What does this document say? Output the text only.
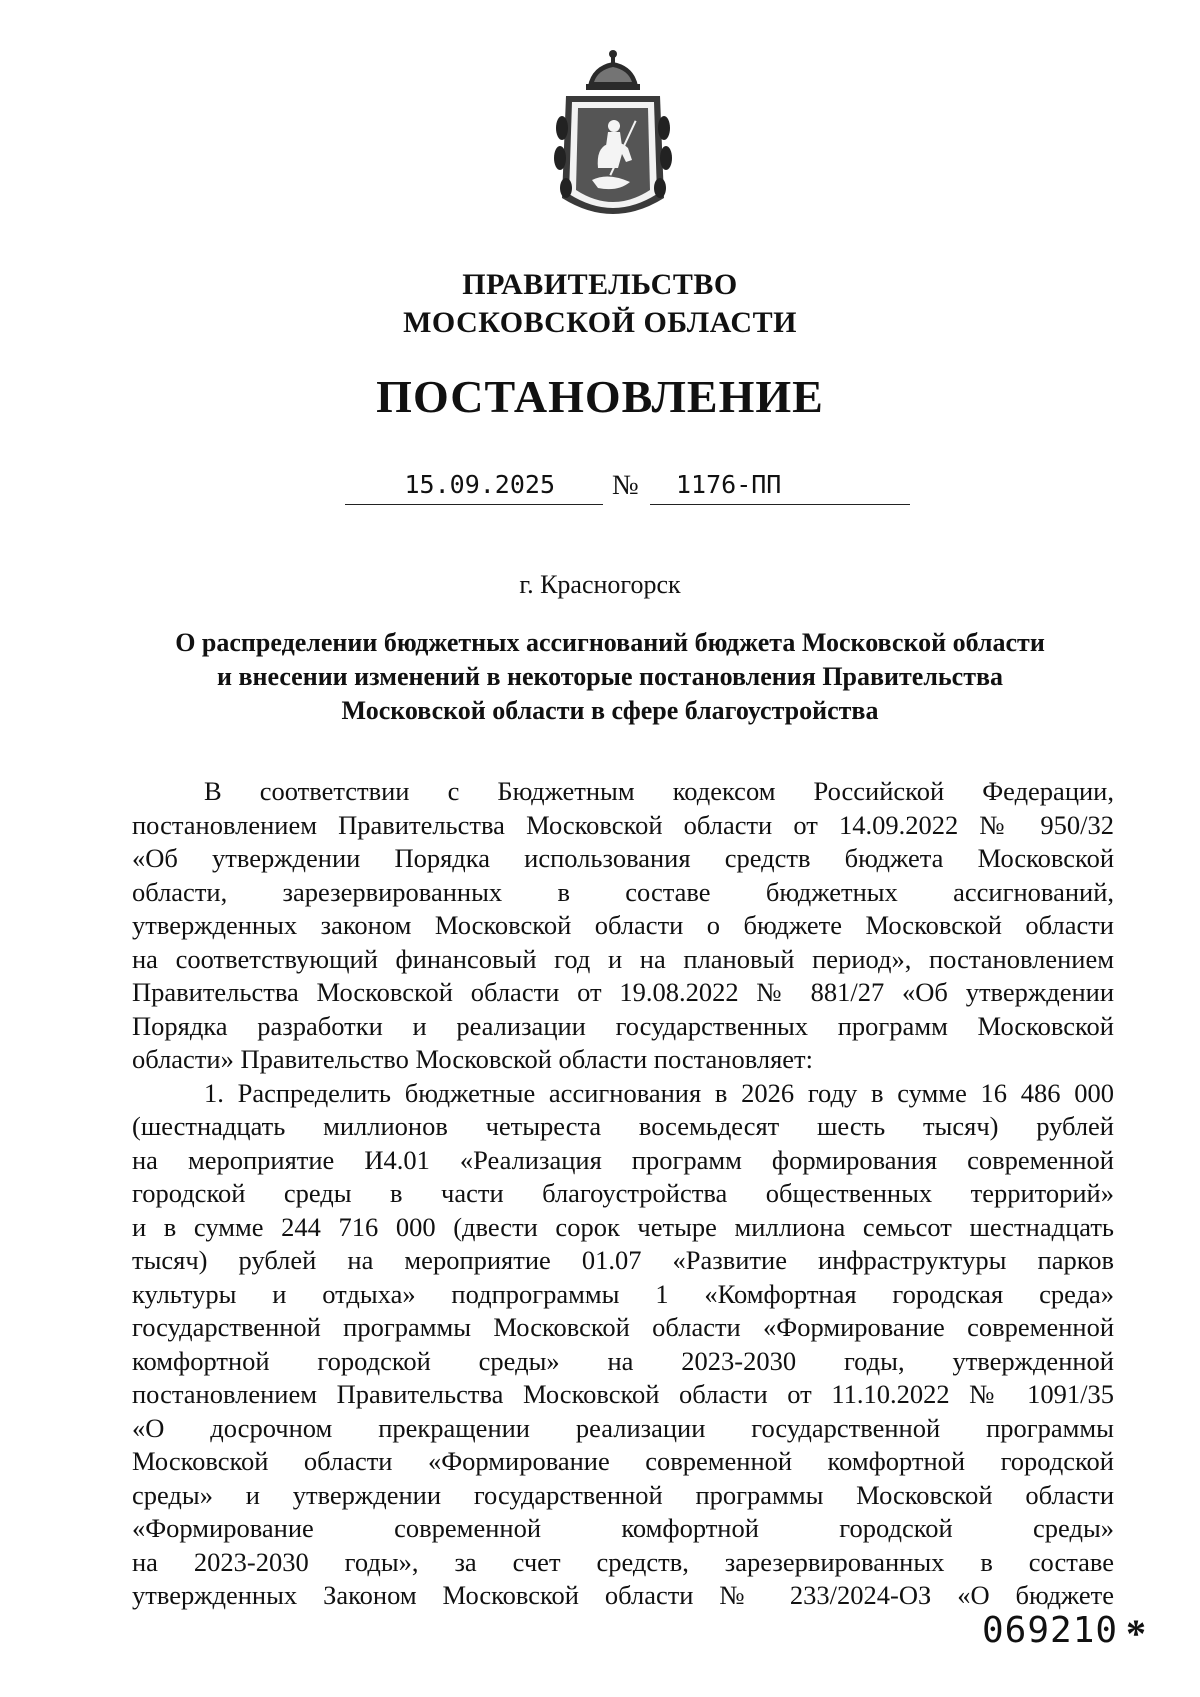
ПРАВИТЕЛЬСТВО
МОСКОВСКОЙ ОБЛАСТИ
ПОСТАНОВЛЕНИЕ
15.09.2025 № 1176-ПП
г. Красногорск
О распределении бюджетных ассигнований бюджета Московской области
и внесении изменений в некоторые постановления Правительства
Московской области в сфере благоустройства
В соответствии с Бюджетным кодексом Российской Федерации,
постановлением Правительства Московской области от 14.09.2022 № 950/32
«Об утверждении Порядка использования средств бюджета Московской
области, зарезервированных в составе бюджетных ассигнований,
утвержденных законом Московской области о бюджете Московской области
на соответствующий финансовый год и на плановый период», постановлением
Правительства Московской области от 19.08.2022 № 881/27 «Об утверждении
Порядка разработки и реализации государственных программ Московской
области» Правительство Московской области постановляет:
1. Распределить бюджетные ассигнования в 2026 году в сумме 16 486 000
(шестнадцать миллионов четыреста восемьдесят шесть тысяч) рублей
на мероприятие И4.01 «Реализация программ формирования современной
городской среды в части благоустройства общественных территорий»
и в сумме 244 716 000 (двести сорок четыре миллиона семьсот шестнадцать
тысяч) рублей на мероприятие 01.07 «Развитие инфраструктуры парков
культуры и отдыха» подпрограммы 1 «Комфортная городская среда»
государственной программы Московской области «Формирование современной
комфортной городской среды» на 2023-2030 годы, утвержденной
постановлением Правительства Московской области от 11.10.2022 № 1091/35
«О досрочном прекращении реализации государственной программы
Московской области «Формирование современной комфортной городской
среды» и утверждении государственной программы Московской области
«Формирование современной комфортной городской среды»
на 2023-2030 годы», за счет средств, зарезервированных в составе
утвержденных Законом Московской области № 233/2024-ОЗ «О бюджете
069210 *
